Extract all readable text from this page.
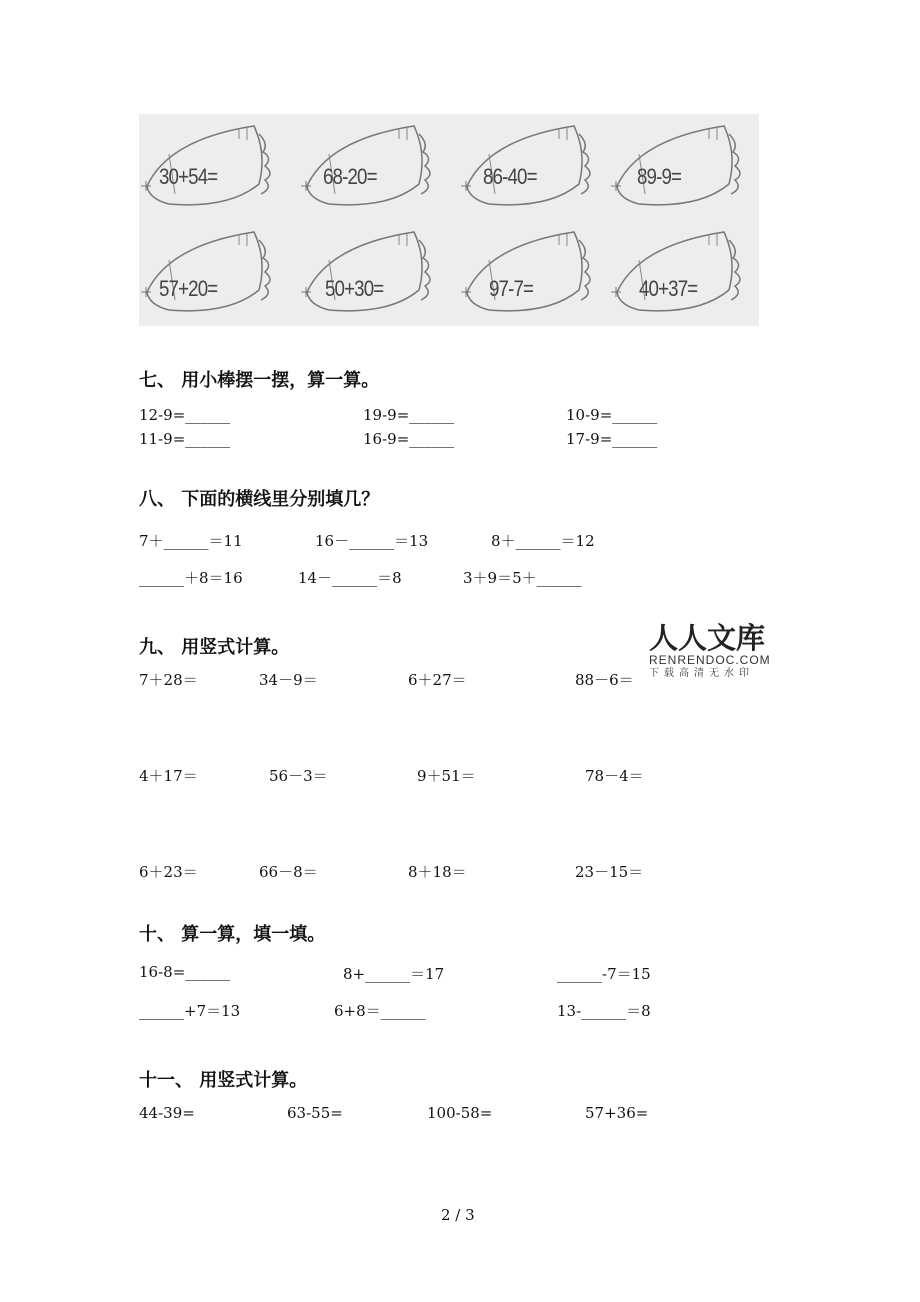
30+54=	68-20=	86-40=	89-9=
57+20=	50+30=	97-7=	40+37=
七、 用小棒摆一摆，算一算。
12-9=______	19-9=______	10-9=______
11-9=______	16-9=______	17-9=______
八、 下面的横线里分别填几？
7＋______＝11	16－______＝13	8＋______＝12
______＋8＝16	14－______＝8	3＋9＝5＋______
九、 用竖式计算。
7＋28＝	34－9＝	6＋27＝	88－6＝
4＋17＝	56－3＝	9＋51＝	78－4＝
6＋23＝	66－8＝	8＋18＝	23－15＝
人人文库
RENRENDOC.COM
下载高清无水印
十、 算一算，填一填。
16-8=______	8+______＝17	______-7＝15
______+7＝13	6+8＝______	13-______＝8
十一、 用竖式计算。
44-39=	63-55=	100-58=	57+36=
2 / 3
